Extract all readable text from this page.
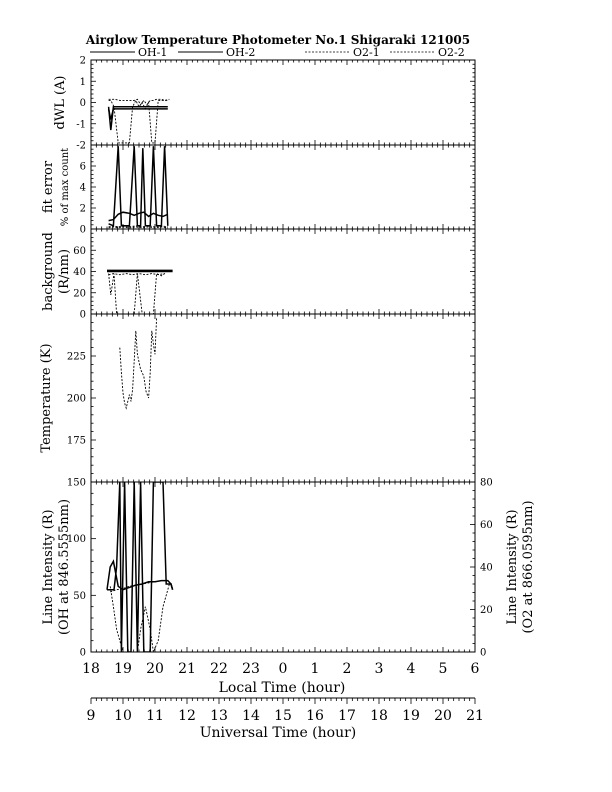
Airglow Temperature Photometer No.1 Shigaraki 121005
Local Time (hour)
Universal Time (hour)
-2
-1
0
1
2
dWL (A)
0
2
4
6
fit error % of max count
0
20
40
60
background (R/nm)
175
200
225
Temperature (K)
0
50
100
150
0
20
40
60
80
Line Intensity (R) (OH at 846.5555nm)	Line Intensity (R) (O2 at 866.0595nm)
18 19 20 21 22 23 0 1 2 3 4 5 6
9 10 11 12 13 14 15 16 17 18 19 20 21
OH-1	OH-2	O2-1	O2-2
